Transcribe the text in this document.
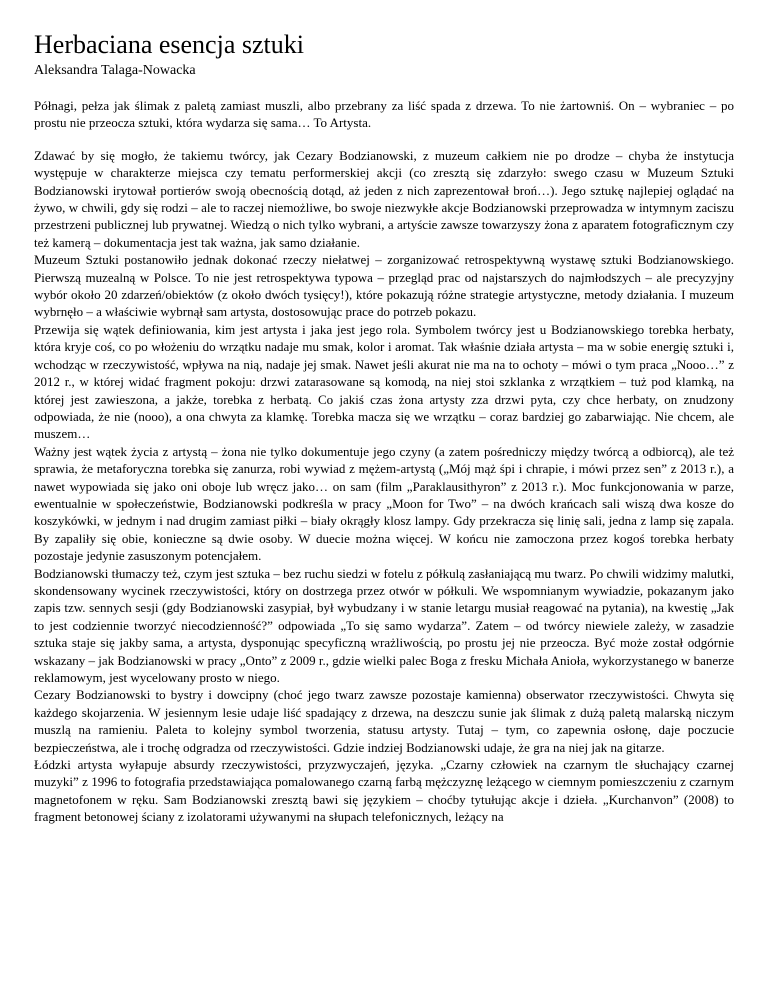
Herbaciana esencja sztuki
Aleksandra Talaga-Nowacka

Półnagi, pełza jak ślimak z paletą zamiast muszli, albo przebrany za liść spada z drzewa. To nie żartowniś. On – wybraniec – po prostu nie przeocza sztuki, która wydarza się sama… To Artysta.

Zdawać by się mogło, że takiemu twórcy, jak Cezary Bodzianowski, z muzeum całkiem nie po drodze – chyba że instytucja występuje w charakterze miejsca czy tematu performerskiej akcji (co zresztą się zdarzyło: swego czasu w Muzeum Sztuki Bodzianowski irytował portierów swoją obecnością dotąd, aż jeden z nich zaprezentował broń…). Jego sztukę najlepiej oglądać na żywo, w chwili, gdy się rodzi – ale to raczej niemożliwe, bo swoje niezwykłe akcje Bodzianowski przeprowadza w intymnym zaciszu przestrzeni publicznej lub prywatnej. Wiedzą o nich tylko wybrani, a artyście zawsze towarzyszy żona z aparatem fotograficznym czy też kamerą – dokumentacja jest tak ważna, jak samo działanie.

Muzeum Sztuki postanowiło jednak dokonać rzeczy niełatwej – zorganizować retrospektywną wystawę sztuki Bodzianowskiego. Pierwszą muzealną w Polsce. To nie jest retrospektywa typowa – przegląd prac od najstarszych do najmłodszych – ale precyzyjny wybór około 20 zdarzeń/obiektów (z około dwóch tysięcy!), które pokazują różne strategie artystyczne, metody działania. I muzeum wybrnęło – a właściwie wybrnął sam artysta, dostosowując prace do potrzeb pokazu.

Przewija się wątek definiowania, kim jest artysta i jaka jest jego rola. Symbolem twórcy jest u Bodzianowskiego torebka herbaty, która kryje coś, co po włożeniu do wrzątku nadaje mu smak, kolor i aromat. Tak właśnie działa artysta – ma w sobie energię sztuki i, wchodząc w rzeczywistość, wpływa na nią, nadaje jej smak. Nawet jeśli akurat nie ma na to ochoty – mówi o tym praca „Nooo…” z 2012 r., w której widać fragment pokoju: drzwi zatarasowane są komodą, na niej stoi szklanka z wrzątkiem – tuż pod klamką, na której jest zawieszona, a jakże, torebka z herbatą. Co jakiś czas żona artysty zza drzwi pyta, czy chce herbaty, on znudzony odpowiada, że nie (nooo), a ona chwyta za klamkę. Torebka macza się we wrzątku – coraz bardziej go zabarwiając. Nie chcem, ale muszem…

Ważny jest wątek życia z artystą – żona nie tylko dokumentuje jego czyny (a zatem pośredniczy między twórcą a odbiorcą), ale też sprawia, że metaforyczna torebka się zanurza, robi wywiad z mężem-artystą („Mój mąż śpi i chrapie, i mówi przez sen” z 2013 r.), a nawet wypowiada się jako oni oboje lub wręcz jako… on sam (film „Paraklausithyron” z 2013 r.). Moc funkcjonowania w parze, ewentualnie w społeczeństwie, Bodzianowski podkreśla w pracy „Moon for Two” – na dwóch krańcach sali wiszą dwa kosze do koszykówki, w jednym i nad drugim zamiast piłki – biały okrągły klosz lampy. Gdy przekracza się linię sali, jedna z lamp się zapala. By zapaliły się obie, konieczne są dwie osoby. W duecie można więcej. W końcu nie zamoczona przez kogoś torebka herbaty pozostaje jedynie zasuszonym potencjałem.

Bodzianowski tłumaczy też, czym jest sztuka – bez ruchu siedzi w fotelu z półkulą zasłaniającą mu twarz. Po chwili widzimy malutki, skondensowany wycinek rzeczywistości, który on dostrzega przez otwór w półkuli. We wspomnianym wywiadzie, pokazanym jako zapis tzw. sennych sesji (gdy Bodzianowski zasypiał, był wybudzany i w stanie letargu musiał reagować na pytania), na kwestię „Jak to jest codziennie tworzyć niecodzienność?” odpowiada „To się samo wydarza”. Zatem – od twórcy niewiele zależy, w zasadzie sztuka staje się jakby sama, a artysta, dysponując specyficzną wrażliwością, po prostu jej nie przeocza. Być może został odgórnie wskazany – jak Bodzianowski w pracy „Onto” z 2009 r., gdzie wielki palec Boga z fresku Michała Anioła, wykorzystanego w banerze reklamowym, jest wycelowany prosto w niego.

Cezary Bodzianowski to bystry i dowcipny (choć jego twarz zawsze pozostaje kamienna) obserwator rzeczywistości. Chwyta się każdego skojarzenia. W jesiennym lesie udaje liść spadający z drzewa, na deszczu sunie jak ślimak z dużą paletą malarską niczym muszlą na ramieniu. Paleta to kolejny symbol tworzenia, statusu artysty. Tutaj – tym, co zapewnia osłonę, daje poczucie bezpieczeństwa, ale i trochę odgradza od rzeczywistości. Gdzie indziej Bodzianowski udaje, że gra na niej jak na gitarze.

Łódzki artysta wyłapuje absurdy rzeczywistości, przyzwyczajeń, języka. „Czarny człowiek na czarnym tle słuchający czarnej muzyki” z 1996 to fotografia przedstawiająca pomalowanego czarną farbą mężczyznę leżącego w ciemnym pomieszczeniu z czarnym magnetofonem w ręku. Sam Bodzianowski zresztą bawi się językiem – choćby tytułując akcje i dzieła. „Kurchanvon” (2008) to fragment betonowej ściany z izolatorami używanymi na słupach telefonicznych, leżący na
